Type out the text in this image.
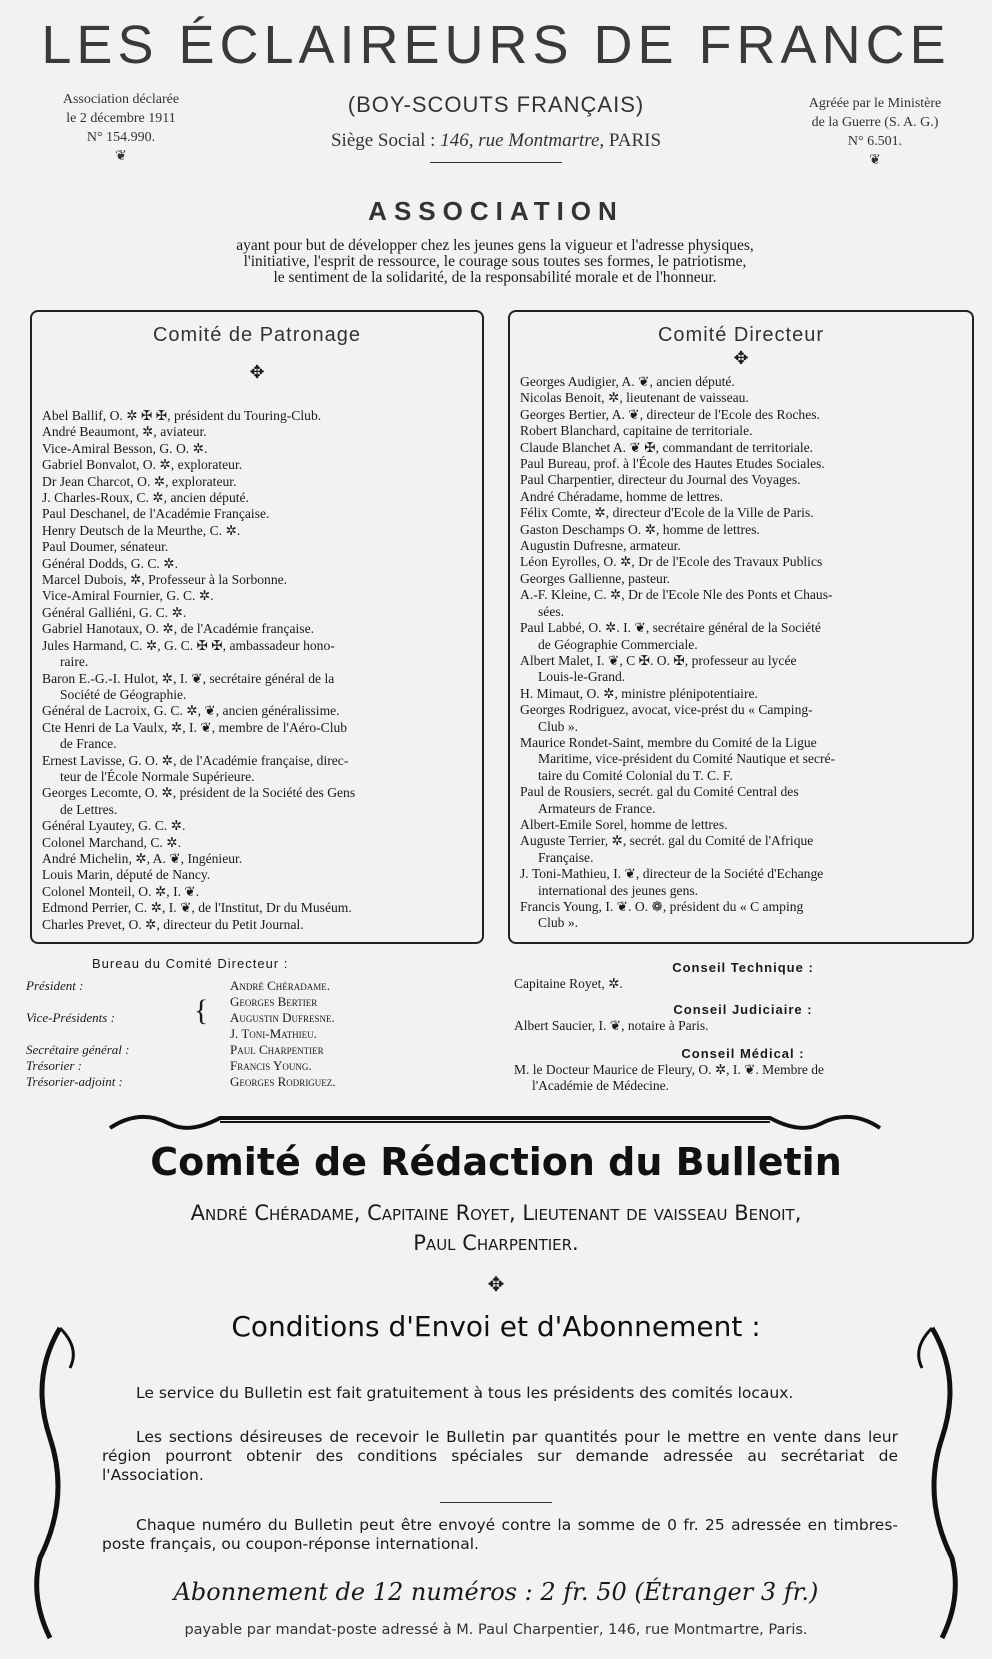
LES ÉCLAIREURS DE FRANCE
Association déclarée
le 2 décembre 1911
N° 154.990.
❦
Agréée par le Ministère
de la Guerre (S. A. G.)
N° 6.501.
❦
(BOY-SCOUTS FRANÇAIS)
Siège Social : 146, rue Montmartre, PARIS
ASSOCIATION
ayant pour but de développer chez les jeunes gens la vigueur et l'adresse physiques,
l'initiative, l'esprit de ressource, le courage sous toutes ses formes, le patriotisme,
le sentiment de la solidarité, de la responsabilité morale et de l'honneur.
Comité de Patronage
✥
Abel Ballif, O. ✲ ✠ ✠, président du Touring-Club.
André Beaumont, ✲, aviateur.
Vice-Amiral Besson, G. O. ✲.
Gabriel Bonvalot, O. ✲, explorateur.
Dr Jean Charcot, O. ✲, explorateur.
J. Charles-Roux, C. ✲, ancien député.
Paul Deschanel, de l'Académie Française.
Henry Deutsch de la Meurthe, C. ✲.
Paul Doumer, sénateur.
Général Dodds, G. C. ✲.
Marcel Dubois, ✲, Professeur à la Sorbonne.
Vice-Amiral Fournier, G. C. ✲.
Général Galliéni, G. C. ✲.
Gabriel Hanotaux, O. ✲, de l'Académie française.
Jules Harmand, C. ✲, G. C. ✠ ✠, ambassadeur hono-
raire.
Baron E.-G.-I. Hulot, ✲, I. ❦, secrétaire général de la
Société de Géographie.
Général de Lacroix, G. C. ✲, ❦, ancien généralissime.
Cte Henri de La Vaulx, ✲, I. ❦, membre de l'Aéro-Club
de France.
Ernest Lavisse, G. O. ✲, de l'Académie française, direc-
teur de l'École Normale Supérieure.
Georges Lecomte, O. ✲, président de la Société des Gens
de Lettres.
Général Lyautey, G. C. ✲.
Colonel Marchand, C. ✲.
André Michelin, ✲, A. ❦, Ingénieur.
Louis Marin, député de Nancy.
Colonel Monteil, O. ✲, I. ❦.
Edmond Perrier, C. ✲, I. ❦, de l'Institut, Dr du Muséum.
Charles Prevet, O. ✲, directeur du Petit Journal.
Comité Directeur
✥
Georges Audigier, A. ❦, ancien député.
Nicolas Benoit, ✲, lieutenant de vaisseau.
Georges Bertier, A. ❦, directeur de l'Ecole des Roches.
Robert Blanchard, capitaine de territoriale.
Claude Blanchet A. ❦ ✠, commandant de territoriale.
Paul Bureau, prof. à l'École des Hautes Etudes Sociales.
Paul Charpentier, directeur du Journal des Voyages.
André Chéradame, homme de lettres.
Félix Comte, ✲, directeur d'Ecole de la Ville de Paris.
Gaston Deschamps O. ✲, homme de lettres.
Augustin Dufresne, armateur.
Léon Eyrolles, O. ✲, Dr de l'Ecole des Travaux Publics
Georges Gallienne, pasteur.
A.-F. Kleine, C. ✲, Dr de l'Ecole Nle des Ponts et Chaus-
sées.
Paul Labbé, O. ✲. I. ❦, secrétaire général de la Société
de Géographie Commerciale.
Albert Malet, I. ❦, C ✠. O. ✠, professeur au lycée
Louis-le-Grand.
H. Mimaut, O. ✲, ministre plénipotentiaire.
Georges Rodriguez, avocat, vice-prést du « Camping-
Club ».
Maurice Rondet-Saint, membre du Comité de la Ligue
Maritime, vice-président du Comité Nautique et secré-
taire du Comité Colonial du T. C. F.
Paul de Rousiers, secrét. gal du Comité Central des
Armateurs de France.
Albert-Emile Sorel, homme de lettres.
Auguste Terrier, ✲, secrét. gal du Comité de l'Afrique
Française.
J. Toni-Mathieu, I. ❦, directeur de la Société d'Echange
international des jeunes gens.
Francis Young, I. ❦. O. ❁, président du « C amping
Club ».
Bureau du Comité Directeur :
Président :
Vice-Présidents :
Secrétaire général :
Trésorier :
Trésorier-adjoint :
{
André Chéradame.
Georges Bertier
Augustin Dufresne.
J. Toni-Mathieu.
Paul Charpentier
Francis Young.
Georges Rodriguez.
Conseil Technique :
Capitaine Royet, ✲.
Conseil Judiciaire :
Albert Saucier, I. ❦, notaire à Paris.
Conseil Médical :
M. le Docteur Maurice de Fleury, O. ✲, I. ❦. Membre de
l'Académie de Médecine.
Comité de Rédaction du Bulletin
André Chéradame, Capitaine Royet, Lieutenant de vaisseau Benoit,
Paul Charpentier.
✥
Conditions d'Envoi et d'Abonnement :
Le service du Bulletin est fait gratuitement à tous les présidents des comités locaux.
Les sections désireuses de recevoir le Bulletin par quantités pour le mettre en vente dans leur région pourront obtenir des conditions spéciales sur demande adressée au secrétariat de l'Association.
Chaque numéro du Bulletin peut être envoyé contre la somme de 0 fr. 25 adressée en timbres-poste français, ou coupon-réponse international.
Abonnement de 12 numéros : 2 fr. 50 (Étranger 3 fr.)
payable par mandat-poste adressé à M. Paul Charpentier, 146, rue Montmartre, Paris.
